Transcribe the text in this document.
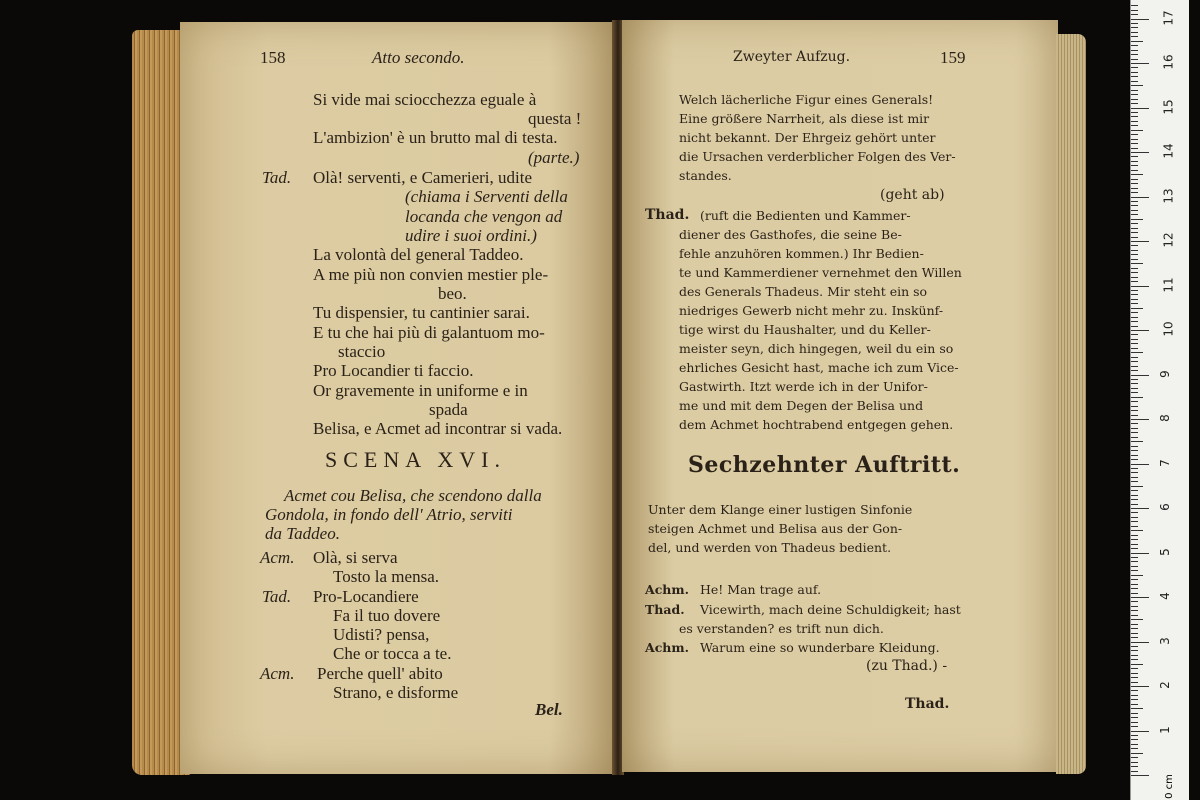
158	Atto secondo.
Si vide mai sciocchezza eguale à
questa !
L'ambizion' è un brutto mal di testa.
(parte.)
Tad. Olà! serventi, e Camerieri, udite
(chiama i Serventi della
locanda che vengon ad
udire i suoi ordini.)
La volontà del general Taddeo.
A me più non convien mestier ple-
beo.
Tu dispensier, tu cantinier sarai.
E tu che hai più di galantuom mo-
staccio
Pro Locandier ti faccio.
Or gravemente in uniforme e in
spada
Belisa, e Acmet ad incontrar si vada.
SCENA XVI.
Acmet cou Belisa, che scendono dalla
Gondola, in fondo dell' Atrio, serviti
da Taddeo.
Acm. Olà, si serva
Tosto la mensa.
Tad. Pro-Locandiere
Fa il tuo dovere
Udisti? pensa,
Che or tocca a te.
Acm. Perche quell' abito
Strano, e disforme
Bel.
Zweyter Aufzug.	159
Welch lächerliche Figur eines Generals!
Eine größere Narrheit, als diese ist mir
nicht bekannt. Der Ehrgeiz gehört unter
die Ursachen verderblicher Folgen des Ver-
standes.
(geht ab)
Thad. (ruft die Bedienten und Kammer-
diener des Gasthofes, die seine Be-
fehle anzuhören kommen.) Ihr Bedien-
te und Kammerdiener vernehmet den Willen
des Generals Thadeus. Mir steht ein so
niedriges Gewerb nicht mehr zu. Inskünf-
tige wirst du Haushalter, und du Keller-
meister seyn, dich hingegen, weil du ein so
ehrliches Gesicht hast, mache ich zum Vice-
Gastwirth. Itzt werde ich in der Unifor-
me und mit dem Degen der Belisa und
dem Achmet hochtrabend entgegen gehen.
Sechzehnter Auftritt.
Unter dem Klange einer lustigen Sinfonie
steigen Achmet und Belisa aus der Gon-
del, und werden von Thadeus bedient.
Achm. He! Man trage auf.
Thad. Vicewirth, mach deine Schuldigkeit; hast
es verstanden? es trift nun dich.
Achm. Warum eine so wunderbare Kleidung.
(zu Thad.) -
Thad.
1
2
3
4
5
6
7
8
9
10
11
12
13
14
15
16
17
0 cm
